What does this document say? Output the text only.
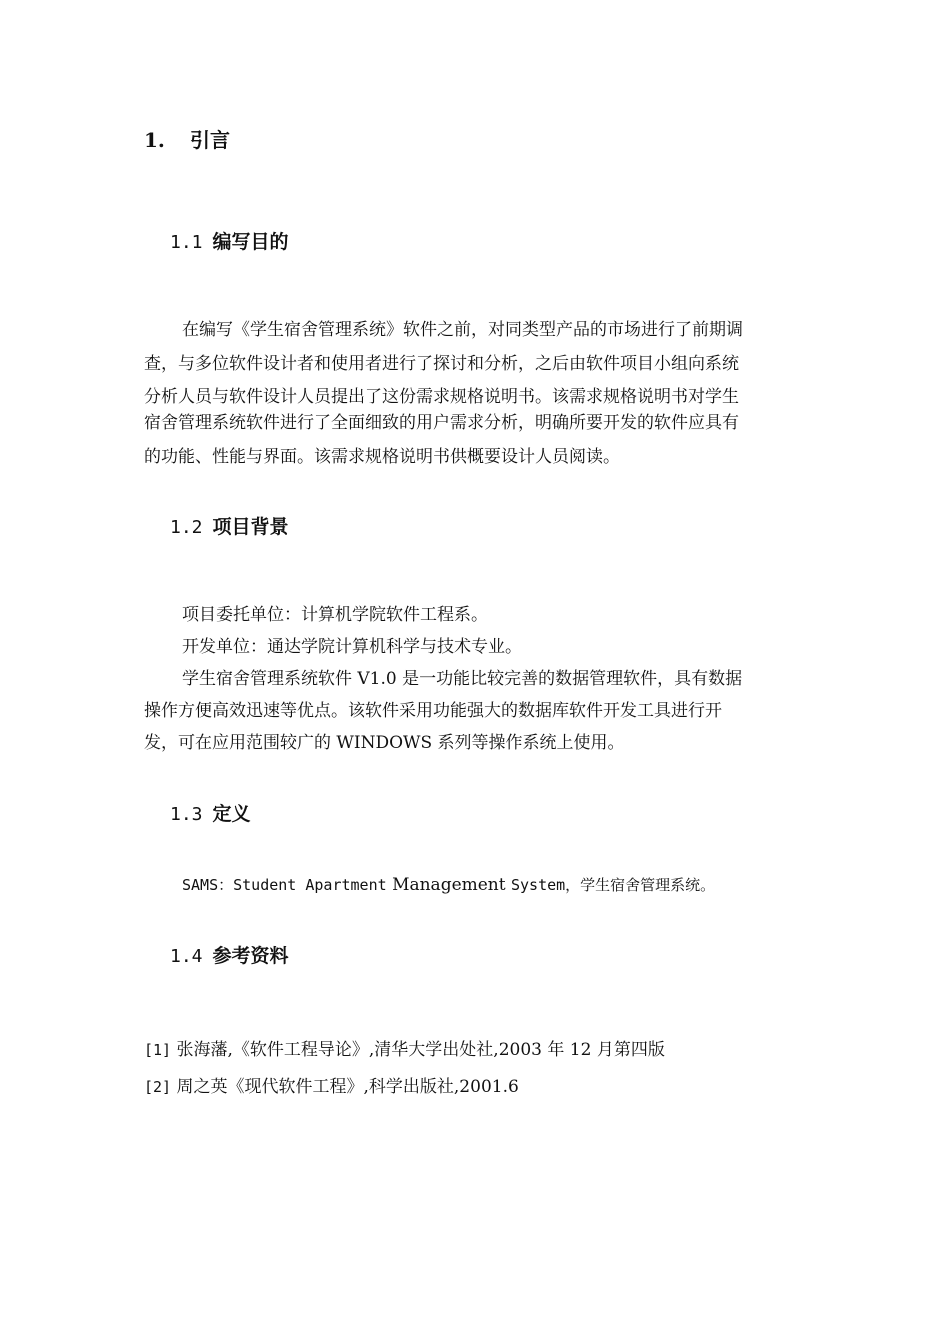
1. 引言
1.1 编写目的
在编写《学生宿舍管理系统》软件之前，对同类型产品的市场进行了前期调
查，与多位软件设计者和使用者进行了探讨和分析，之后由软件项目小组向系统
分析人员与软件设计人员提出了这份需求规格说明书。该需求规格说明书对学生
宿舍管理系统软件进行了全面细致的用户需求分析，明确所要开发的软件应具有
的功能、性能与界面。该需求规格说明书供概要设计人员阅读。
1.2 项目背景
项目委托单位：计算机学院软件工程系。
开发单位：通达学院计算机科学与技术专业。
学生宿舍管理系统软件 V1.0 是一功能比较完善的数据管理软件，具有数据
操作方便高效迅速等优点。该软件采用功能强大的数据库软件开发工具进行开
发，可在应用范围较广的 WINDOWS 系列等操作系统上使用。
1.3 定义
SAMS：Student Apartment Management System，学生宿舍管理系统。
1.4 参考资料
[1] 张海藩,《软件工程导论》,清华大学出处社,2003 年 12 月第四版
[2] 周之英《现代软件工程》,科学出版社,2001.6
